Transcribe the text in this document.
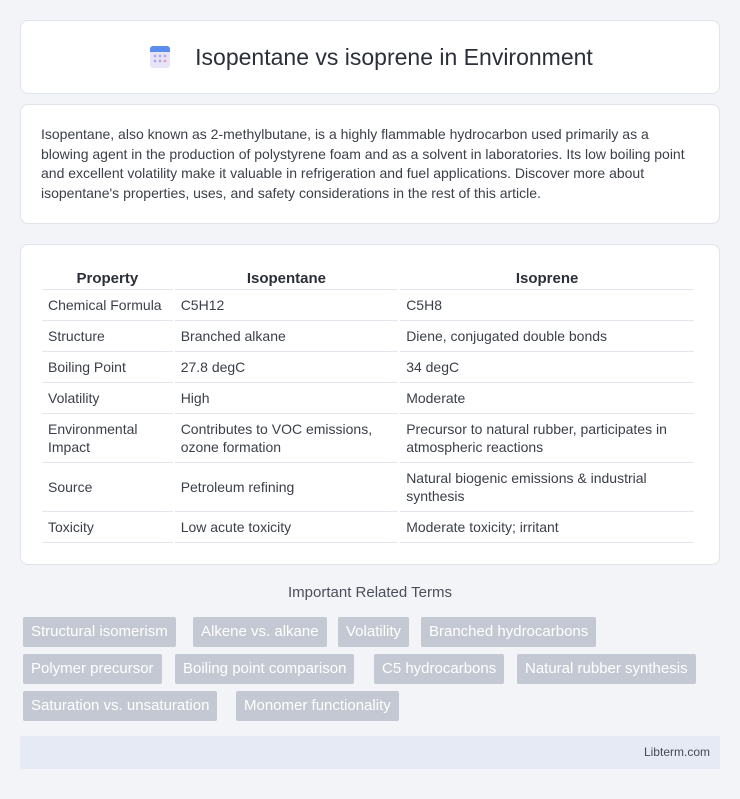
Isopentane vs isoprene in Environment

Isopentane, also known as 2-methylbutane, is a highly flammable hydrocarbon used primarily as a blowing agent in the production of polystyrene foam and as a solvent in laboratories. Its low boiling point and excellent volatility make it valuable in refrigeration and fuel applications. Discover more about isopentane's properties, uses, and safety considerations in the rest of this article.

Property	Isopentane	Isoprene
Chemical Formula	C5H12	C5H8
Structure	Branched alkane	Diene, conjugated double bonds
Boiling Point	27.8 degC	34 degC
Volatility	High	Moderate
Environmental Impact	Contributes to VOC emissions, ozone formation	Precursor to natural rubber, participates in atmospheric reactions
Source	Petroleum refining	Natural biogenic emissions & industrial synthesis
Toxicity	Low acute toxicity	Moderate toxicity; irritant
Important Related Terms
Structural isomerism	Alkene vs. alkane	Volatility	Branched hydrocarbons
Polymer precursor	Boiling point comparison	C5 hydrocarbons	Natural rubber synthesis
Saturation vs. unsaturation	Monomer functionality
Libterm.com
